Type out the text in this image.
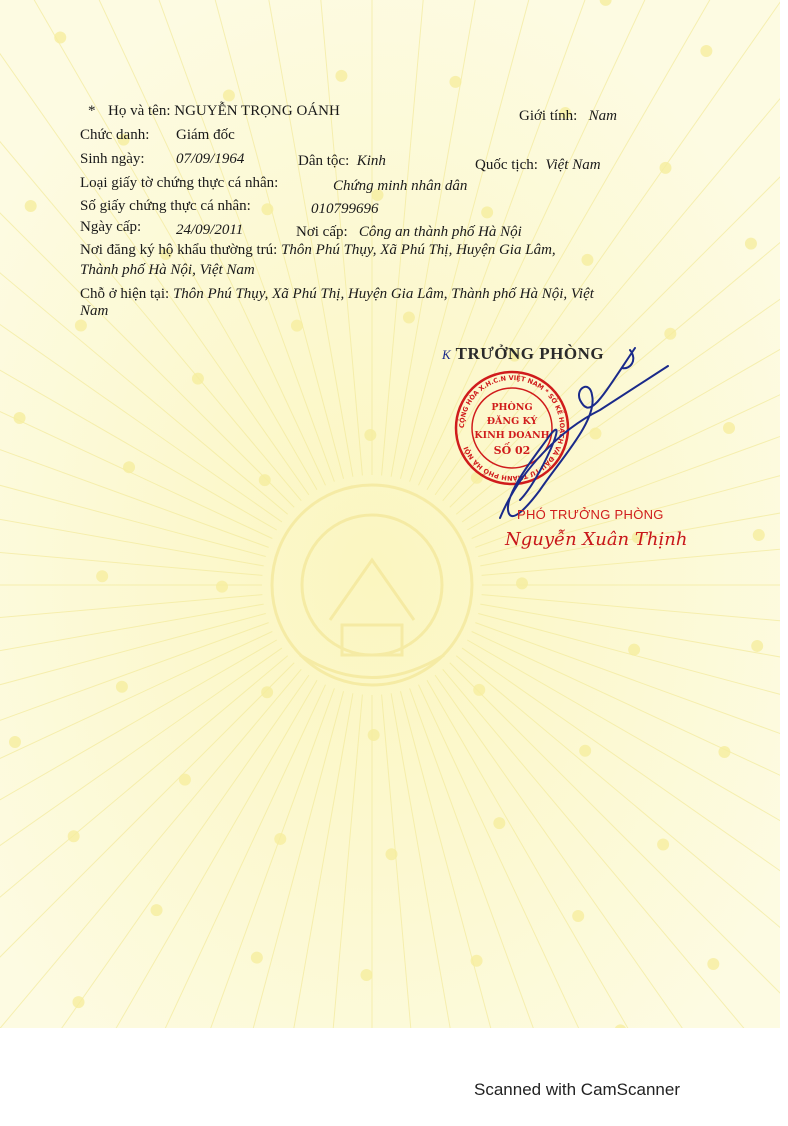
* Họ và tên: NGUYỄN TRỌNG OÁNH	Giới tính: Nam
Chức danh: Giám đốc
Sinh ngày: 07/09/1964	Dân tộc: Kinh	Quốc tịch: Việt Nam
Loại giấy tờ chứng thực cá nhân:	Chứng minh nhân dân
Số giấy chứng thực cá nhân:	010799696
Ngày cấp: 24/09/2011	Nơi cấp: Công an thành phố Hà Nội
Nơi đăng ký hộ khẩu thường trú: Thôn Phú Thụy, Xã Phú Thị, Huyện Gia Lâm,
Thành phố Hà Nội, Việt Nam
Chỗ ở hiện tại: Thôn Phú Thụy, Xã Phú Thị, Huyện Gia Lâm, Thành phố Hà Nội, Việt
Nam
K TRƯỞNG PHÒNG
CỘNG HÒA X.H.C.N VIỆT NAM * SỞ KẾ HOẠCH VÀ ĐẦU TƯ THÀNH PHỐ HÀ NỘI
PHÒNG
ĐĂNG KÝ
KINH DOANH
SỐ 02
PHÓ TRƯỞNG PHÒNG
Nguyễn Xuân Thịnh
Scanned with CamScanner
